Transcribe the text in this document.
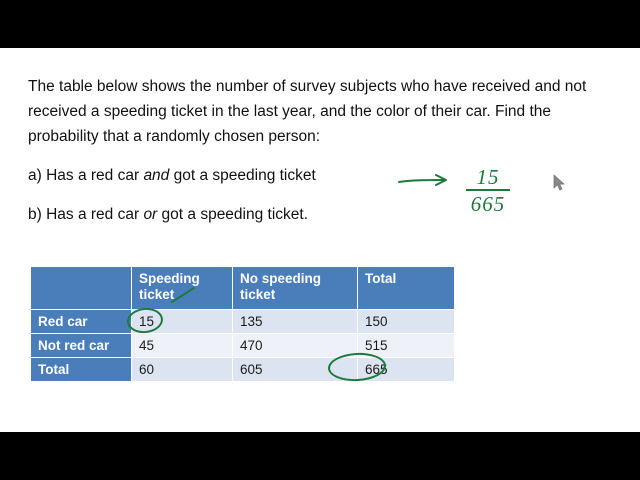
The table below shows the number of survey subjects who have received and not received a speeding ticket in the last year, and the color of their car. Find the probability that a randomly chosen person:

a) Has a red car and got a speeding ticket

b) Has a red car or got a speeding ticket.

15
665
	Speeding ticket	No speeding ticket	Total
Red car	15	135	150
Not red car	45	470	515
Total	60	605	665
